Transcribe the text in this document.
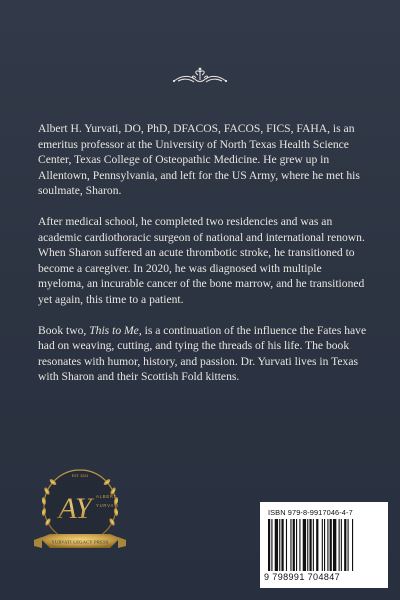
Albert H. Yurvati, DO, PhD, DFACOS, FACOS, FICS, FAHA, is an emeritus professor at the University of North Texas Health Science Center, Texas College of Osteopathic Medicine. He grew up in Allentown, Pennsylvania, and left for the US Army, where he met his soulmate, Sharon.

After medical school, he completed two residencies and was an academic cardiothoracic surgeon of national and international renown. When Sharon suffered an acute thrombotic stroke, he transitioned to become a caregiver. In 2020, he was diagnosed with multiple myeloma, an incurable cancer of the bone marrow, and he transitioned yet again, this time to a patient.

Book two, This to Me, is a continuation of the influence the Fates have had on weaving, cutting, and tying the threads of his life. The book resonates with humor, history, and passion. Dr. Yurvati lives in Texas with Sharon and their Scottish Fold kittens.

EST. 2024
AY	ALBERT
YURVATI
YURVATI LEGACY PRESS
ISBN 979-8-9917046-4-7
9 798991 704847
